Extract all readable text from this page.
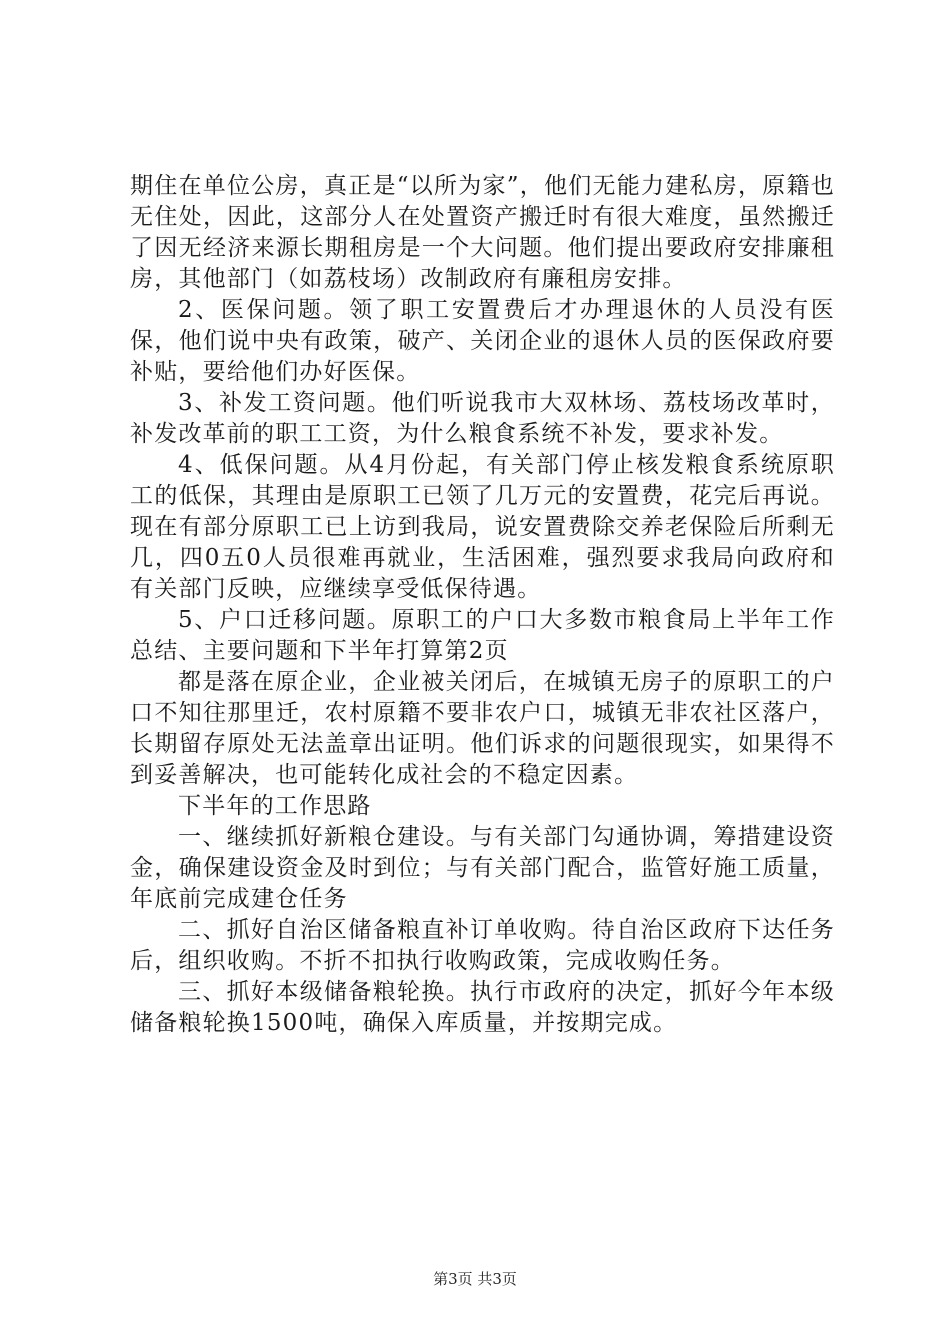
期住在单位公房，真正是“以所为家”，他们无能力建私房，原籍也无住处，因此，这部分人在处置资产搬迁时有很大难度，虽然搬迁了因无经济来源长期租房是一个大问题。他们提出要政府安排廉租房，其他部门（如荔枝场）改制政府有廉租房安排。

2、医保问题。领了职工安置费后才办理退休的人员没有医保，他们说中央有政策，破产、关闭企业的退休人员的医保政府要补贴，要给他们办好医保。

3、补发工资问题。他们听说我市大双林场、荔枝场改革时，补发改革前的职工工资，为什么粮食系统不补发，要求补发。

4、低保问题。从4月份起，有关部门停止核发粮食系统原职工的低保，其理由是原职工已领了几万元的安置费，花完后再说。现在有部分原职工已上访到我局，说安置费除交养老保险后所剩无几，四0五0人员很难再就业，生活困难，强烈要求我局向政府和有关部门反映，应继续享受低保待遇。

5、户口迁移问题。原职工的户口大多数市粮食局上半年工作总结、主要问题和下半年打算第2页

都是落在原企业，企业被关闭后，在城镇无房子的原职工的户口不知往那里迁，农村原籍不要非农户口，城镇无非农社区落户，长期留存原处无法盖章出证明。他们诉求的问题很现实，如果得不到妥善解决，也可能转化成社会的不稳定因素。

下半年的工作思路

一、继续抓好新粮仓建设。与有关部门勾通协调，筹措建设资金，确保建设资金及时到位；与有关部门配合，监管好施工质量，年底前完成建仓任务

二、抓好自治区储备粮直补订单收购。待自治区政府下达任务后，组织收购。不折不扣执行收购政策，完成收购任务。

三、抓好本级储备粮轮换。执行市政府的决定，抓好今年本级储备粮轮换1500吨，确保入库质量，并按期完成。

第3页 共3页
